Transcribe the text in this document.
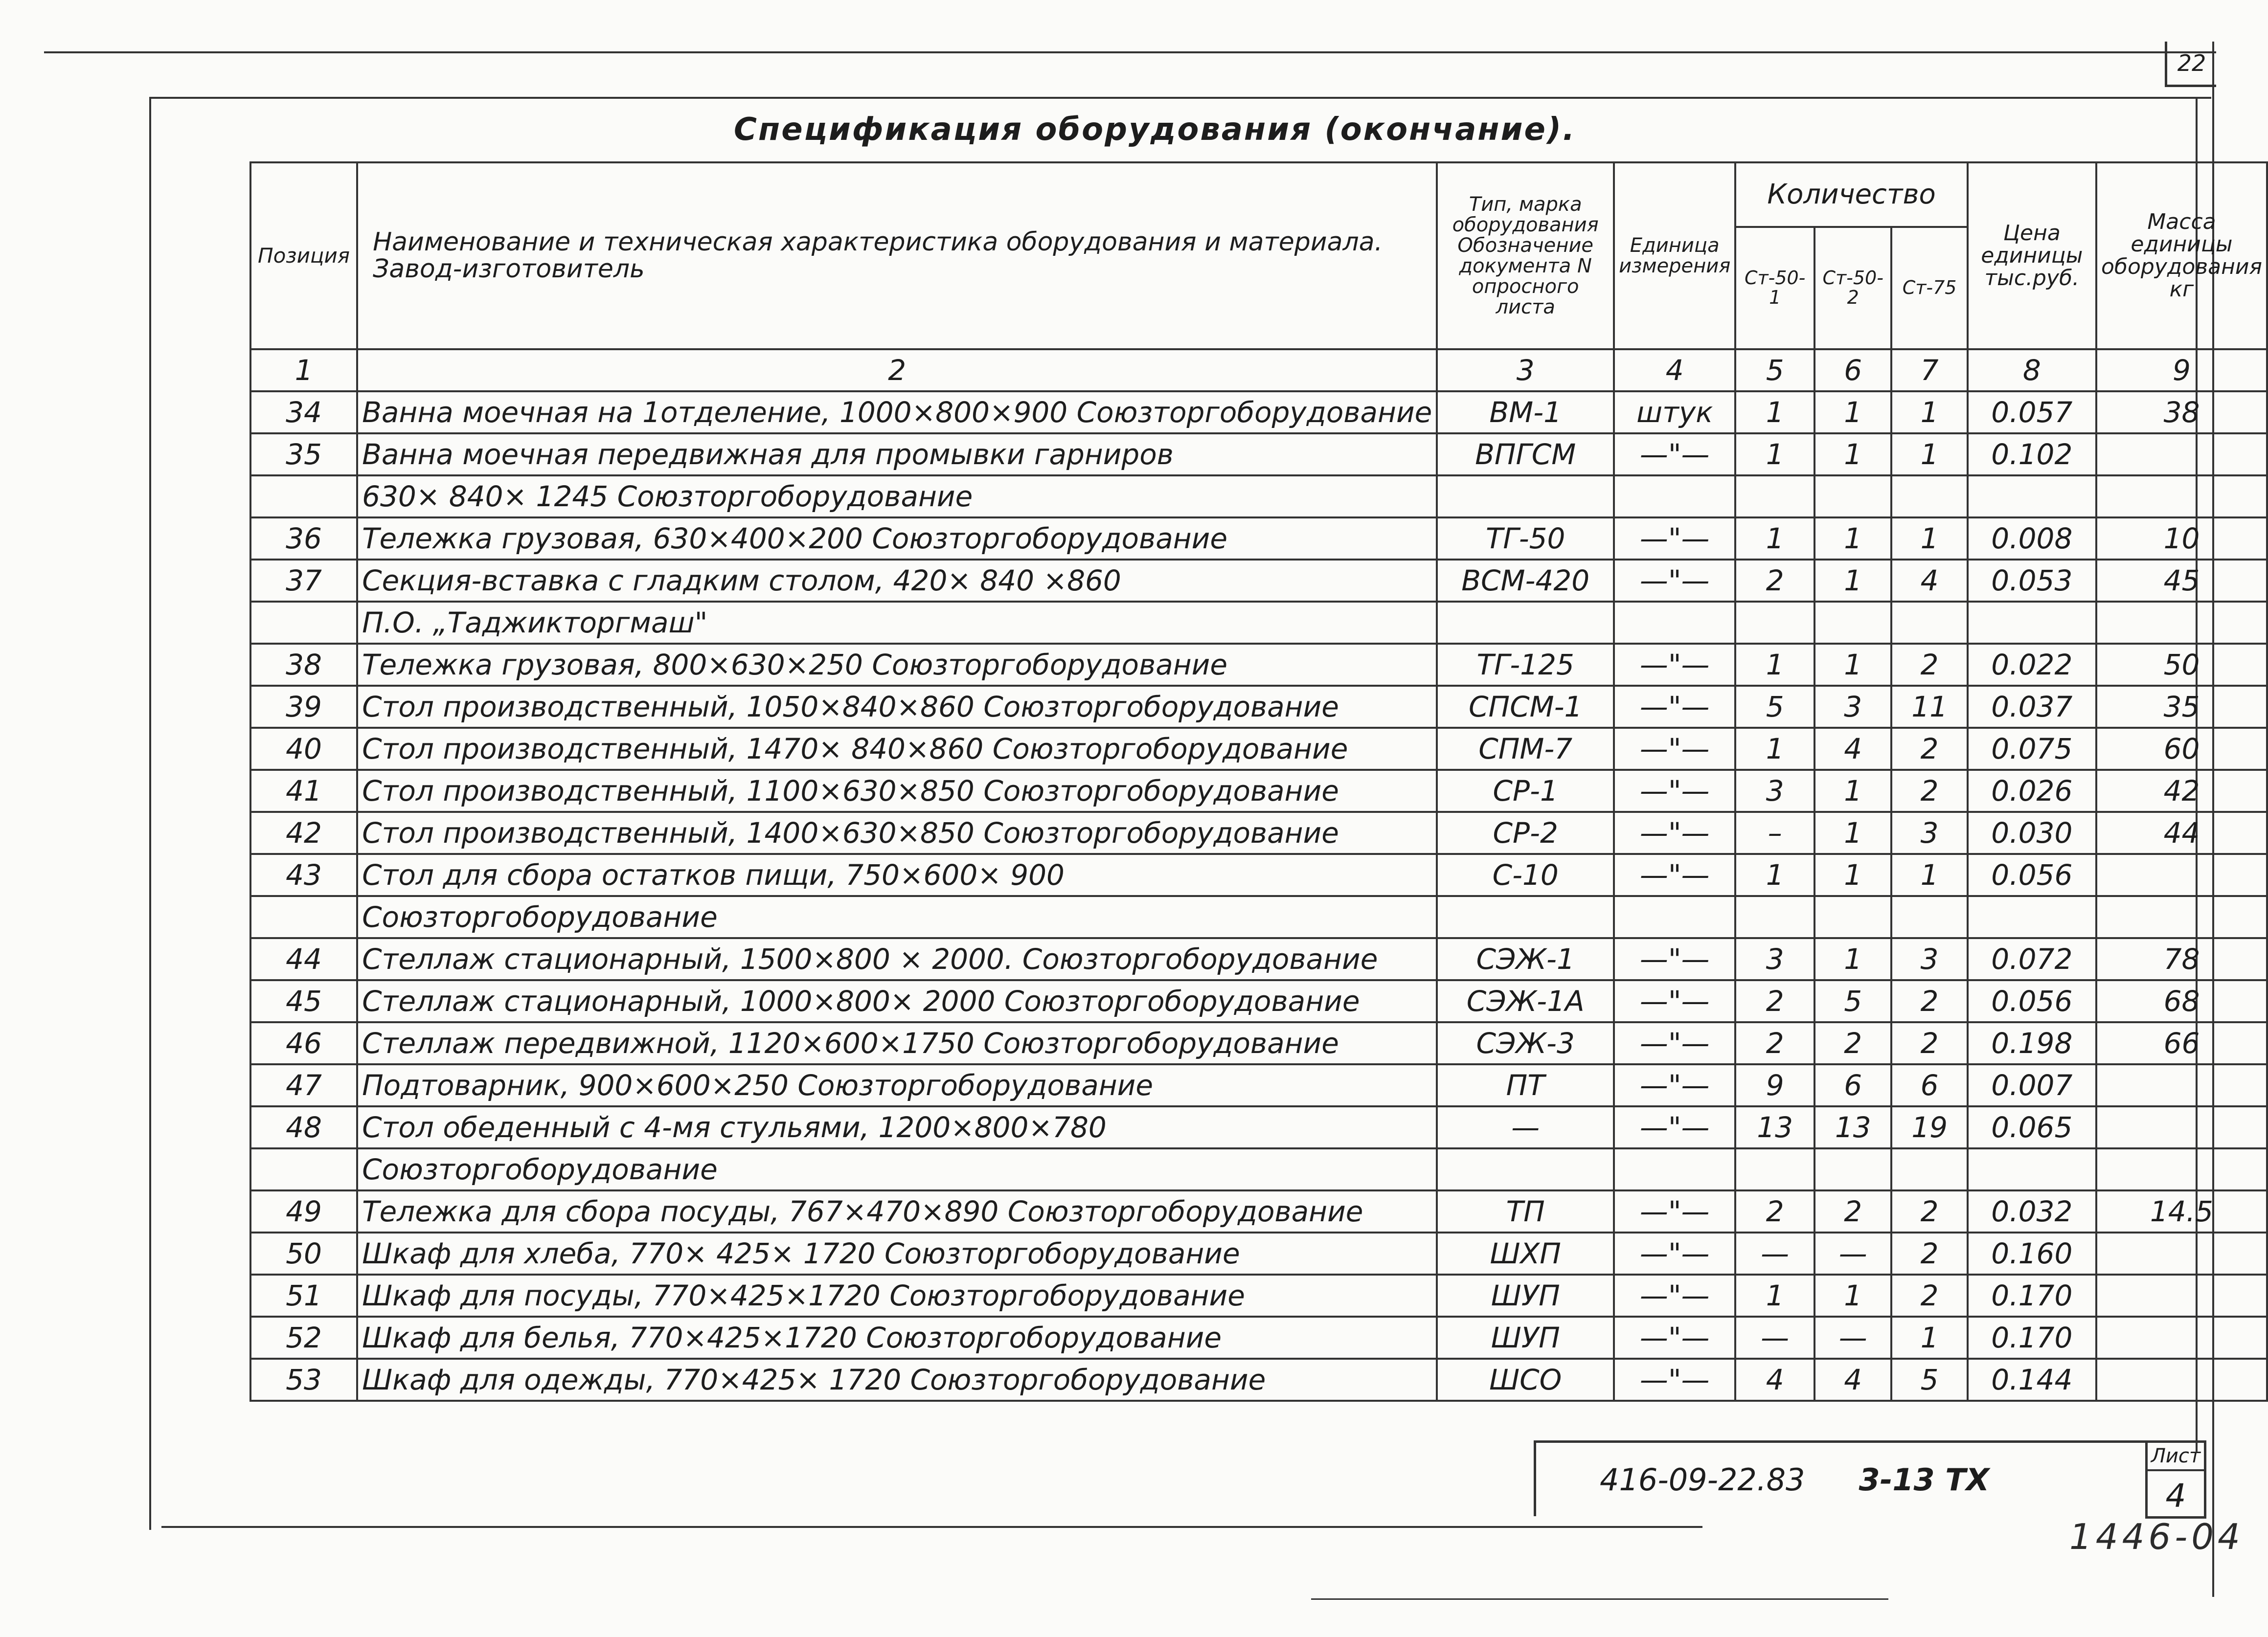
22
Спецификация оборудования (окончание).
Позиция	Наименование и техническая характеристика оборудования и материала. Завод-изготовитель	Тип, марка оборудования Обозначение документа N опросного листа	Единица измерения	Количество			Цена единицы тыс.руб.	Масса единицы оборудования кг
				Ст-50-1	Ст-50-2	Ст-75		
1	2	3	4	5	6	7	8	9
34	Ванна моечная на 1отделение, 1000×800×900 Союзторгоборудование	ВМ-1	штук	1	1	1	0.057	38
35	Ванна моечная передвижная для промывки гарниров	ВПГСМ	—"—	1	1	1	0.102	
	630× 840× 1245 Союзторгоборудование							
36	Тележка грузовая, 630×400×200 Союзторгоборудование	ТГ-50	—"—	1	1	1	0.008	10
37	Секция-вставка с гладким столом, 420× 840 ×860	ВСМ-420	—"—	2	1	4	0.053	45
	П.О. „Таджикторгмаш"							
38	Тележка грузовая, 800×630×250 Союзторгоборудование	ТГ-125	—"—	1	1	2	0.022	50
39	Стол производственный, 1050×840×860 Союзторгоборудование	СПСМ-1	—"—	5	3	11	0.037	35
40	Стол производственный, 1470× 840×860 Союзторгоборудование	СПМ-7	—"—	1	4	2	0.075	60
41	Стол производственный, 1100×630×850 Союзторгоборудование	СР-1	—"—	3	1	2	0.026	42
42	Стол производственный, 1400×630×850 Союзторгоборудование	СР-2	—"—	–	1	3	0.030	44
43	Стол для сбора остатков пищи, 750×600× 900	С-10	—"—	1	1	1	0.056	
	Союзторгоборудование							
44	Стеллаж стационарный, 1500×800 × 2000. Союзторгоборудование	СЭЖ-1	—"—	3	1	3	0.072	78
45	Стеллаж стационарный, 1000×800× 2000 Союзторгоборудование	СЭЖ-1А	—"—	2	5	2	0.056	68
46	Стеллаж передвижной, 1120×600×1750 Союзторгоборудование	СЭЖ-3	—"—	2	2	2	0.198	66
47	Подтоварник, 900×600×250 Союзторгоборудование	ПТ	—"—	9	6	6	0.007	
48	Стол обеденный с 4-мя стульями, 1200×800×780	—	—"—	13	13	19	0.065	
	Союзторгоборудование							
49	Тележка для сбора посуды, 767×470×890 Союзторгоборудование	ТП	—"—	2	2	2	0.032	14.5
50	Шкаф для хлеба, 770× 425× 1720 Союзторгоборудование	ШХП	—"—	—	—	2	0.160	
51	Шкаф для посуды, 770×425×1720 Союзторгоборудование	ШУП	—"—	1	1	2	0.170	
52	Шкаф для белья, 770×425×1720 Союзторгоборудование	ШУП	—"—	—	—	1	0.170	
53	Шкаф для одежды, 770×425× 1720 Союзторгоборудование	ШСО	—"—	4	4	5	0.144	
416-09-22.83 3-13 ТХ
Лист
4
1446-04
